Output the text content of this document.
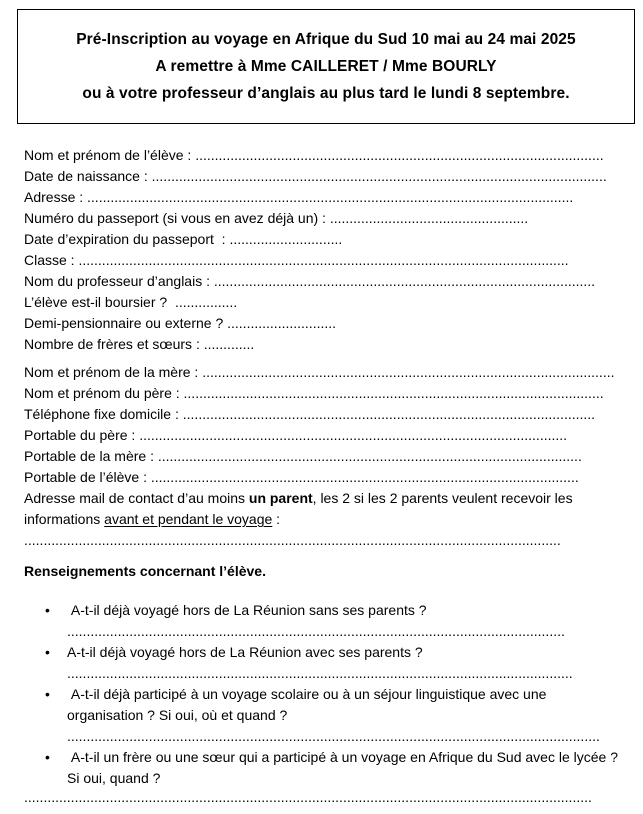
Pré-Inscription au voyage en Afrique du Sud 10 mai au 24 mai 2025
A remettre à Mme CAILLERET / Mme BOURLY
ou à votre professeur d’anglais au plus tard le lundi 8 septembre.
Nom et prénom de l’élève : .........................................................................................................
Date de naissance : .....................................................................................................................
Adresse : .............................................................................................................................
Numéro du passeport (si vous en avez déjà un) : ...................................................
Date d’expiration du passeport  : .............................
Classe : ..............................................................................................................................
Nom du professeur d’anglais : ..................................................................................................
L’élève est-il boursier ?  ................
Demi-pensionnaire ou externe ? ............................
Nombre de frères et sœurs : .............
Nom et prénom de la mère : ..........................................................................................................
Nom et prénom du père : ............................................................................................................
Téléphone fixe domicile : ..........................................................................................................
Portable du père : ..............................................................................................................
Portable de la mère : .............................................................................................................
Portable de l’élève : ..............................................................................................................
Adresse mail de contact d’au moins un parent, les 2 si les 2 parents veulent recevoir les informations avant et pendant le voyage :
..........................................................................................................................................
Renseignements concernant l’élève.
• A-t-il déjà voyagé hors de La Réunion sans ses parents ?
................................................................................................................................
• A-t-il déjà voyagé hors de La Réunion avec ses parents ?
..................................................................................................................................
• A-t-il déjà participé à un voyage scolaire ou à un séjour linguistique avec une organisation ? Si oui, où et quand ?
.........................................................................................................................................
• A-t-il un frère ou une sœur qui a participé à un voyage en Afrique du Sud avec le lycée ? Si oui, quand ?
..................................................................................................................................................
